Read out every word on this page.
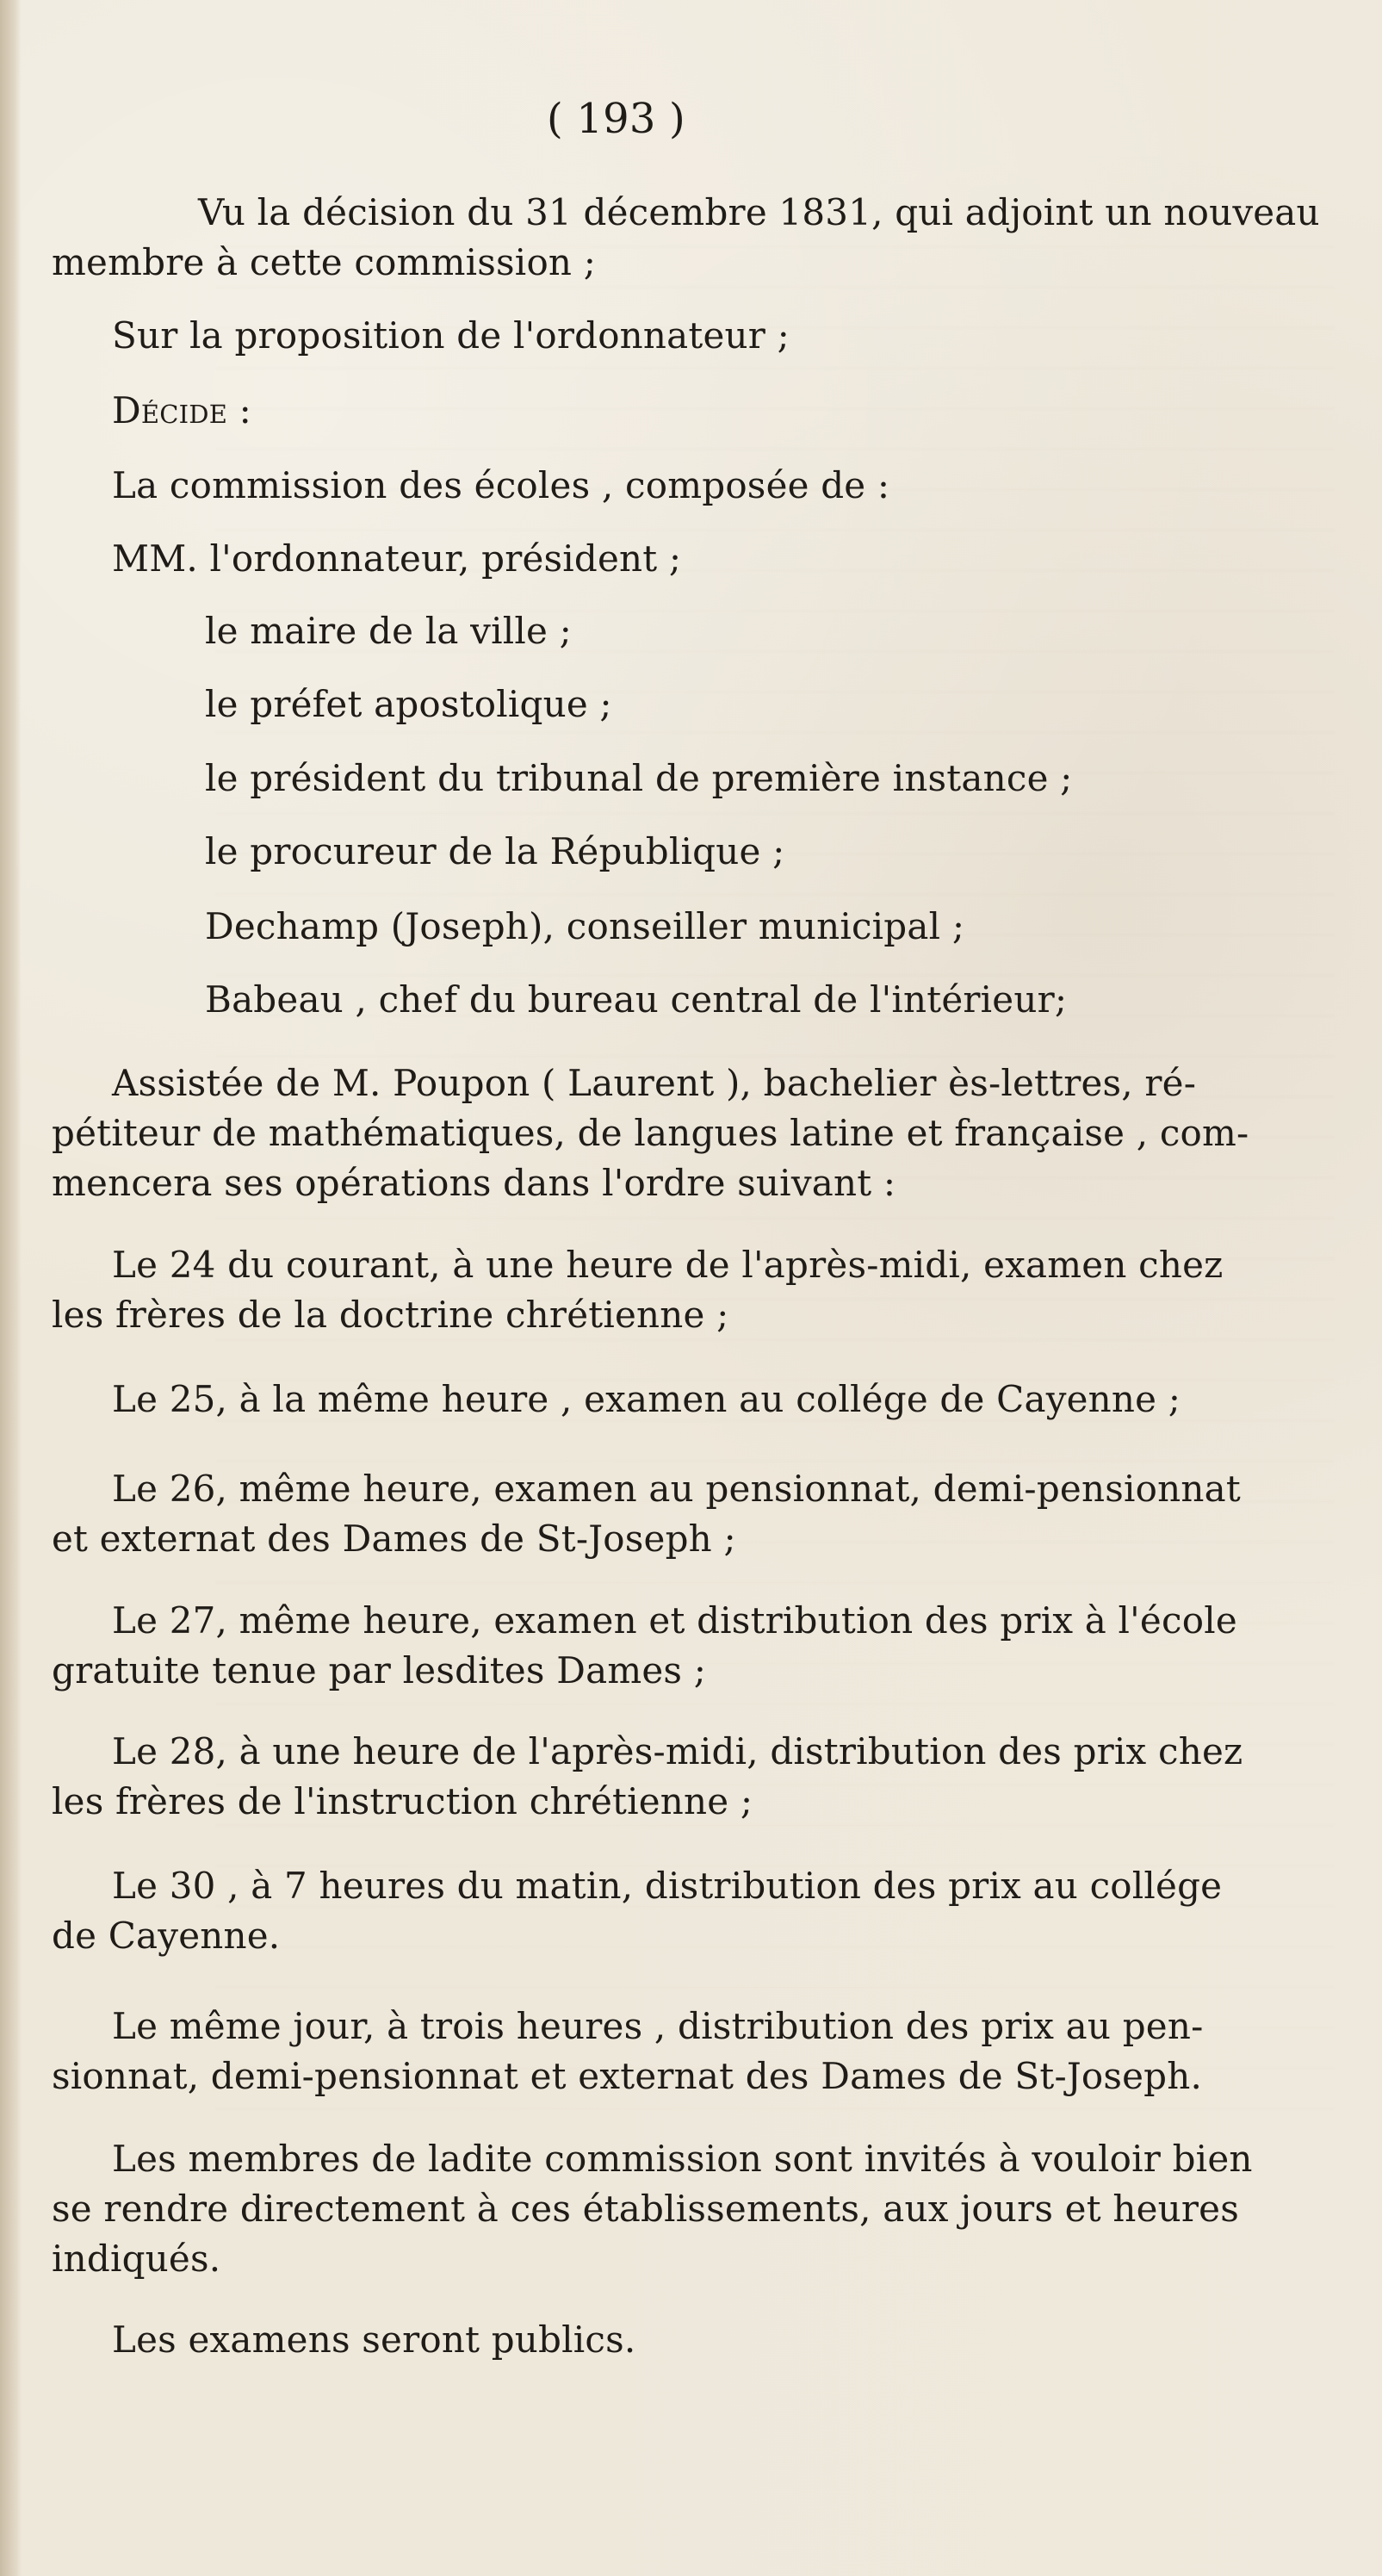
( 193 )
Vu la décision du 31 décembre 1831, qui adjoint un nouveau
membre à cette commission ;
Sur la proposition de l'ordonnateur ;
Décide :
La commission des écoles , composée de :
MM. l'ordonnateur, président ;
le maire de la ville ;
le préfet apostolique ;
le président du tribunal de première instance ;
le procureur de la République ;
Dechamp (Joseph), conseiller municipal ;
Babeau , chef du bureau central de l'intérieur;
Assistée de M. Poupon ( Laurent ), bachelier ès-lettres, ré-
pétiteur de mathématiques, de langues latine et française , com-
mencera ses opérations dans l'ordre suivant :
Le 24 du courant, à une heure de l'après-midi, examen chez
les frères de la doctrine chrétienne ;
Le 25, à la même heure , examen au collége de Cayenne ;
Le 26, même heure, examen au pensionnat, demi-pensionnat
et externat des Dames de St-Joseph ;
Le 27, même heure, examen et distribution des prix à l'école
gratuite tenue par lesdites Dames ;
Le 28, à une heure de l'après-midi, distribution des prix chez
les frères de l'instruction chrétienne ;
Le 30 , à 7 heures du matin, distribution des prix au collége
de Cayenne.
Le même jour, à trois heures , distribution des prix au pen-
sionnat, demi-pensionnat et externat des Dames de St-Joseph.
Les membres de ladite commission sont invités à vouloir bien
se rendre directement à ces établissements, aux jours et heures
indiqués.
Les examens seront publics.
